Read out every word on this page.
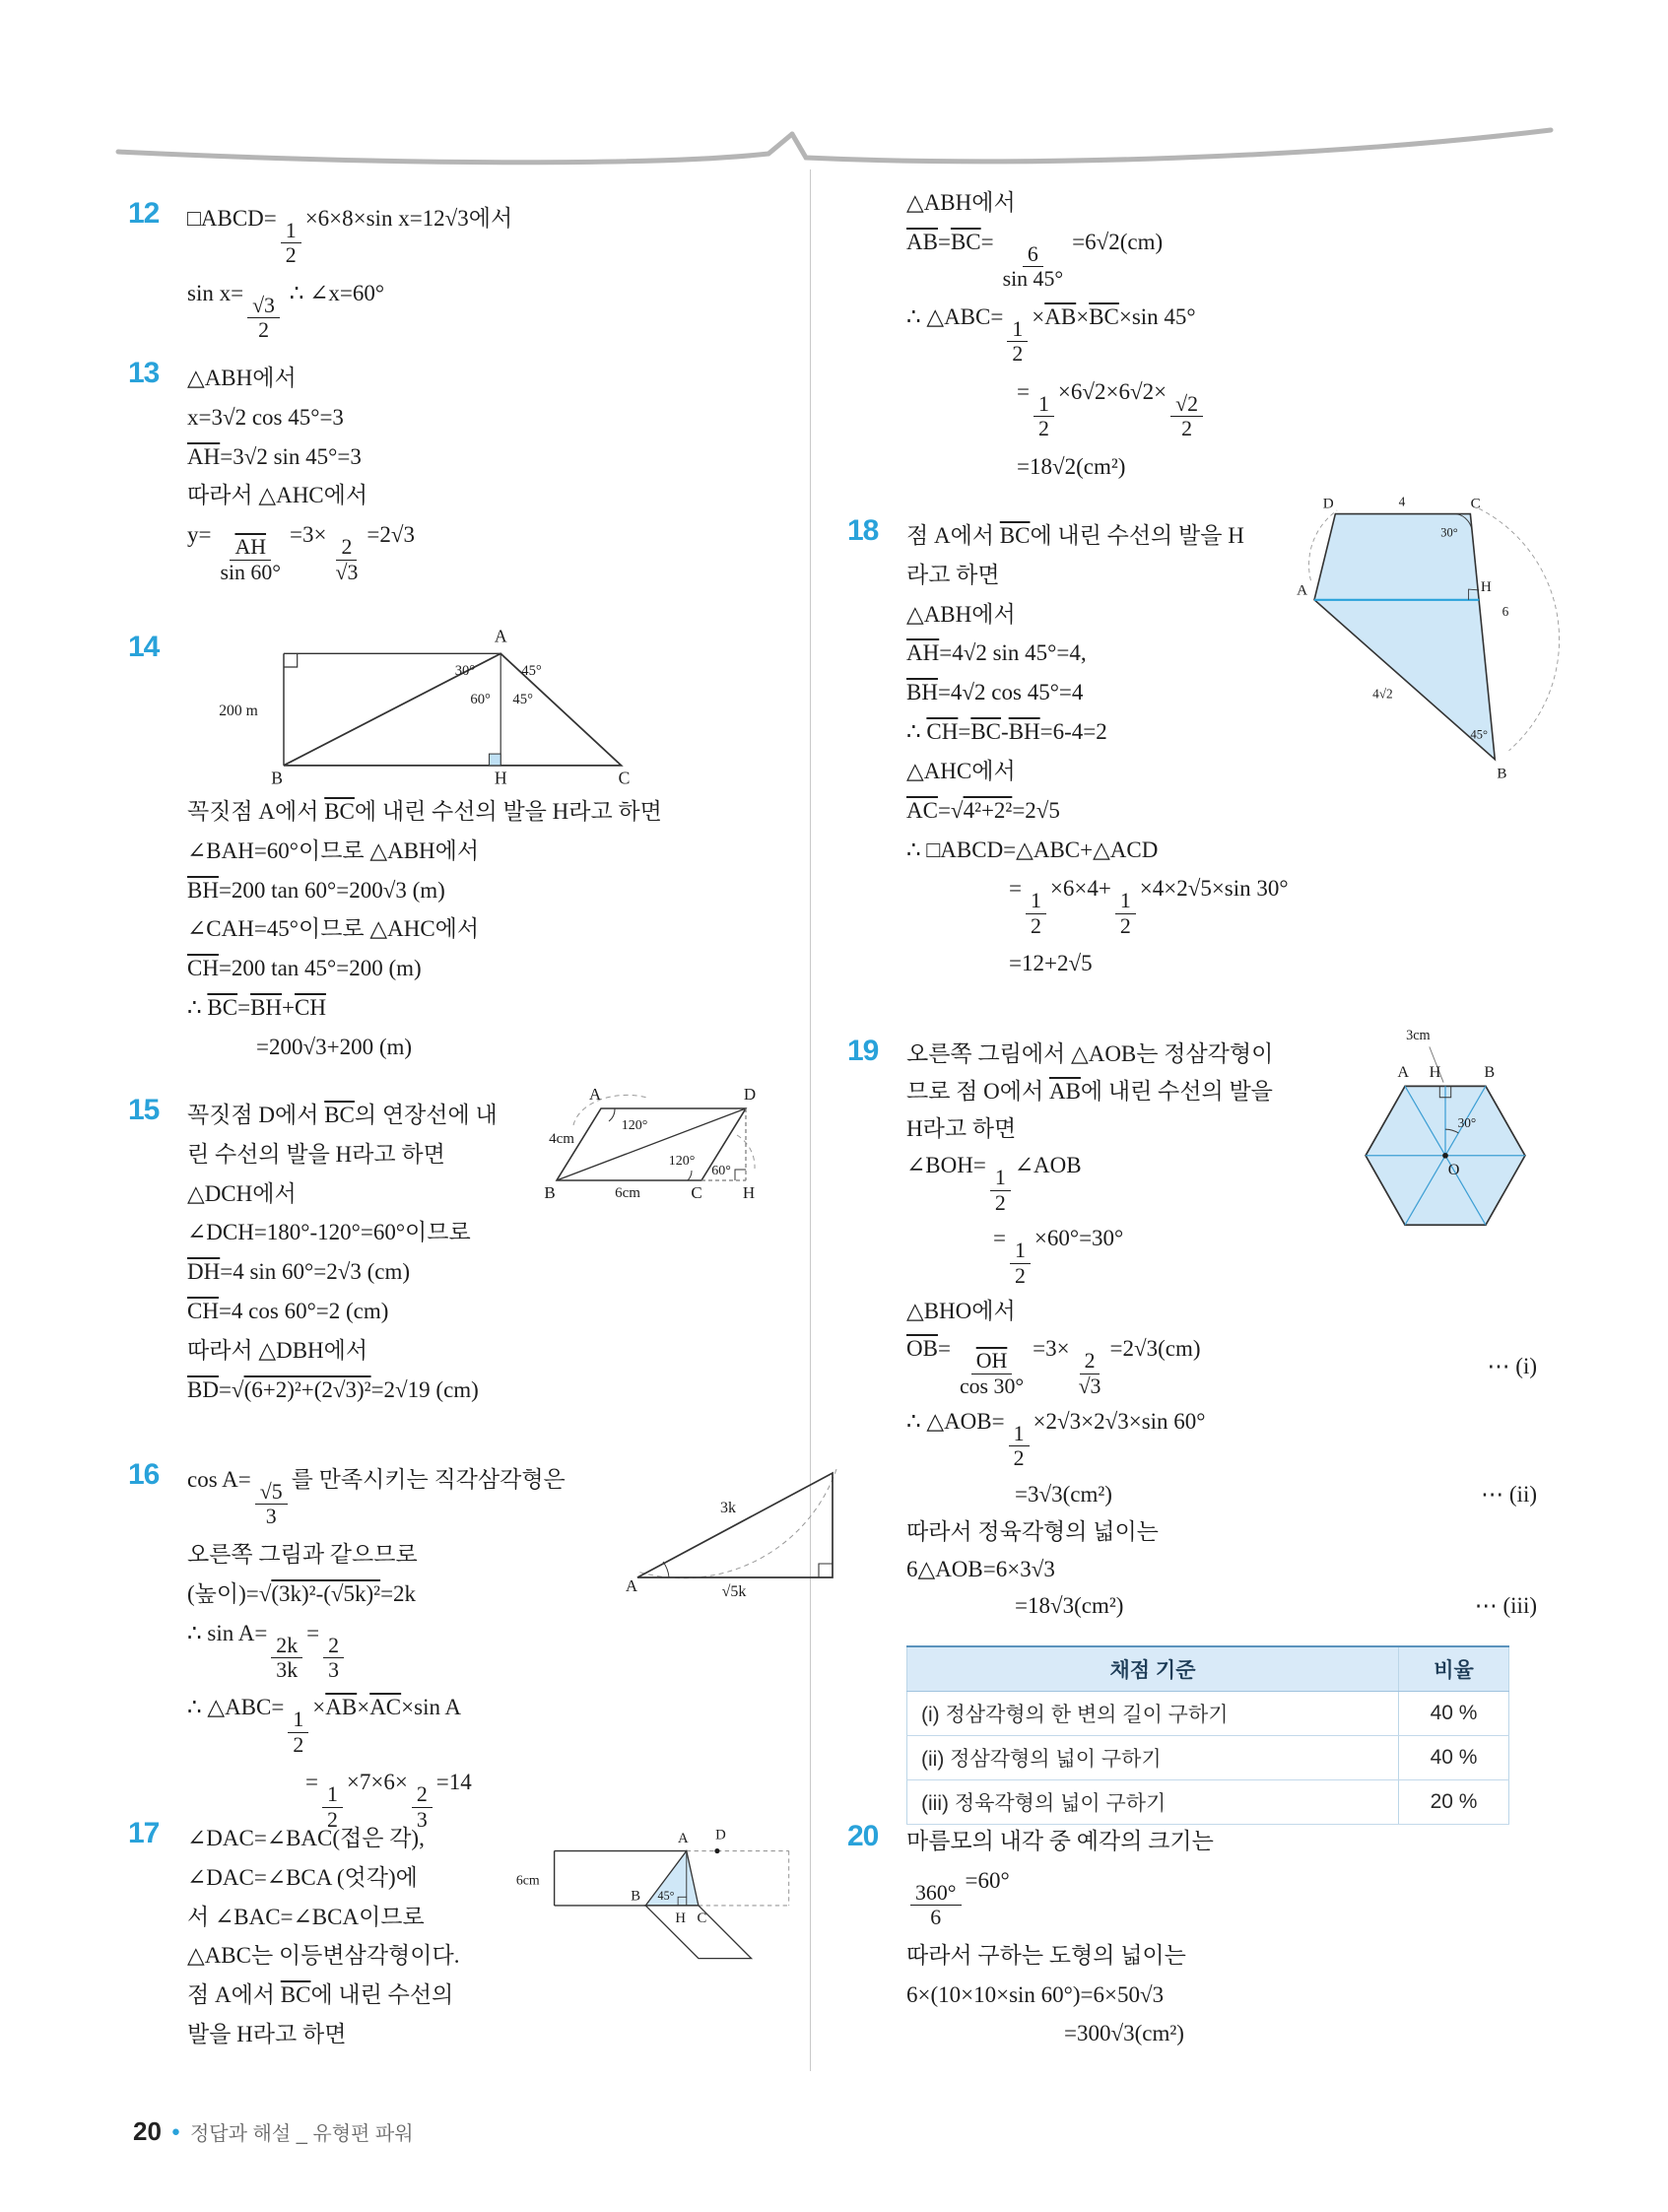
12 □ABCD=
$\frac{1}{2}$
×6×8×sin x=12√3에서
sin x=
$\frac{√3}{2}$
∴ ∠x=60°
13 △ABH에서
x=3√2 cos 45°=3
$\overline{AH}=3√2$ sin 45°=3
따라서 △AHC에서
y=
$\frac{\overline{AH}}{\sin 60^\circ}$
=3×
$\frac{2}{√3}$
=2√3
14	A
30°	45°
60° 45°
200 m
B	H	C
꼭짓점 A에서 $\overline{BC}$에 내린 수선의 발을 H라고 하면
∠BAH=60°이므로 △ABH에서
$\overline{BH}=200$ tan 60°=200√3 (m)
∠CAH=45°이므로 △AHC에서
$\overline{CH}=200$ tan 45°=200 (m)
∴ $\overline{BC}=\overline{BH}+\overline{CH}$
=200√3+200 (m)
15	A	D
B	C H
4cm
6cm
120°
120°
60°
꼭짓점 D에서 $\overline{BC}$의 연장선에 내
린 수선의 발을 H라고 하면
△DCH에서
∠DCH=180°-120°=60°이므로
$\overline{DH}=4$ sin 60°=2√3 (cm)
$\overline{CH}=4$ cos 60°=2 (cm)
따라서 △DBH에서
$\overline{BD}=√(6+2)^2+(2√3)^2=2√19$ (cm)
16
3k
√5k
A
cos A=
$\frac{√5}{3}$
를 만족시키는 직각삼각형은
오른쪽 그림과 같으므로
(높이)=√(3k)²-(√5k)²=2k
∴ sin A=
$\frac{2k}{3k}$
=
$\frac{2}{3}$
∴ △ABC=
$\frac{1}{2}$
$\times\overline{AB}\times\overline{AC}\times\sin$ A
=
$\frac{1}{2}$
×7×6×
$\frac{2}{3}$
=14
17	A D
B 45°
H C
6cm
∠DAC=∠BAC(접은 각),
∠DAC=∠BCA (엇각)에
서 ∠BAC=∠BCA이므로
△ABC는 이등변삼각형이다.
점 A에서 $\overline{BC}$에 내린 수선의
발을 H라고 하면
△ABH에서
$\overline{AB}=\overline{BC}=$
$\frac{6}{\sin 45^\circ}$
=6√2(cm)
∴ △ABC=
$\frac{1}{2}$
$\times\overline{AB}\times\overline{BC}\times\sin$ 45°
=
$\frac{1}{2}$
×6√2×6√2×
$\frac{√2}{2}$
=18√2(cm²)
18
D	C
4
30°
A	H
6
4√2
45°
B
점 A에서 $\overline{BC}$에 내린 수선의 발을 H
라고 하면
△ABH에서
$\overline{AH}=4√2$ sin 45°=4,
$\overline{BH}=4√2$ cos 45°=4
∴ $\overline{CH}=\overline{BC}-\overline{BH}=6-4=2$
△AHC에서
$\overline{AC}=√4^2+2^2=2√5$
∴ □ABCD=△ABC+△ACD
=
$\frac{1}{2}$
×6×4+
$\frac{1}{2}$
×4×2√5×sin 30°
=12+2√5
19	3cm
A H	B
30°
O
오른쪽 그림에서 △AOB는 정삼각형이
므로 점 O에서 $\overline{AB}$에 내린 수선의 발을
H라고 하면
∠BOH=
$\frac{1}{2}$
∠AOB
=
$\frac{1}{2}$
×60°=30°
△BHO에서
$\overline{OB}=$
$\frac{\overline{OH}}{\cos 30^\circ}$
=3×
$\frac{2}{√3}$
=2√3(cm)
⋯ (i)
∴ △AOB=
$\frac{1}{2}$
×2√3×2√3×sin 60°
=3√3(cm²)	⋯ (ii)
따라서 정육각형의 넓이는
6△AOB=6×3√3
=18√3(cm²)	⋯ (iii)
채점 기준	비율
(i) 정삼각형의 한 변의 길이 구하기	40 %
(ii) 정삼각형의 넓이 구하기	40 %
(iii) 정육각형의 넓이 구하기	20 %
20 마름모의 내각 중 예각의 크기는
$\frac{360^\circ}{6}$
=60°
따라서 구하는 도형의 넓이는
6×(10×10×sin 60°)=6×50√3
=300√3(cm²)
20 ● 정답과 해설 _ 유형편 파워
